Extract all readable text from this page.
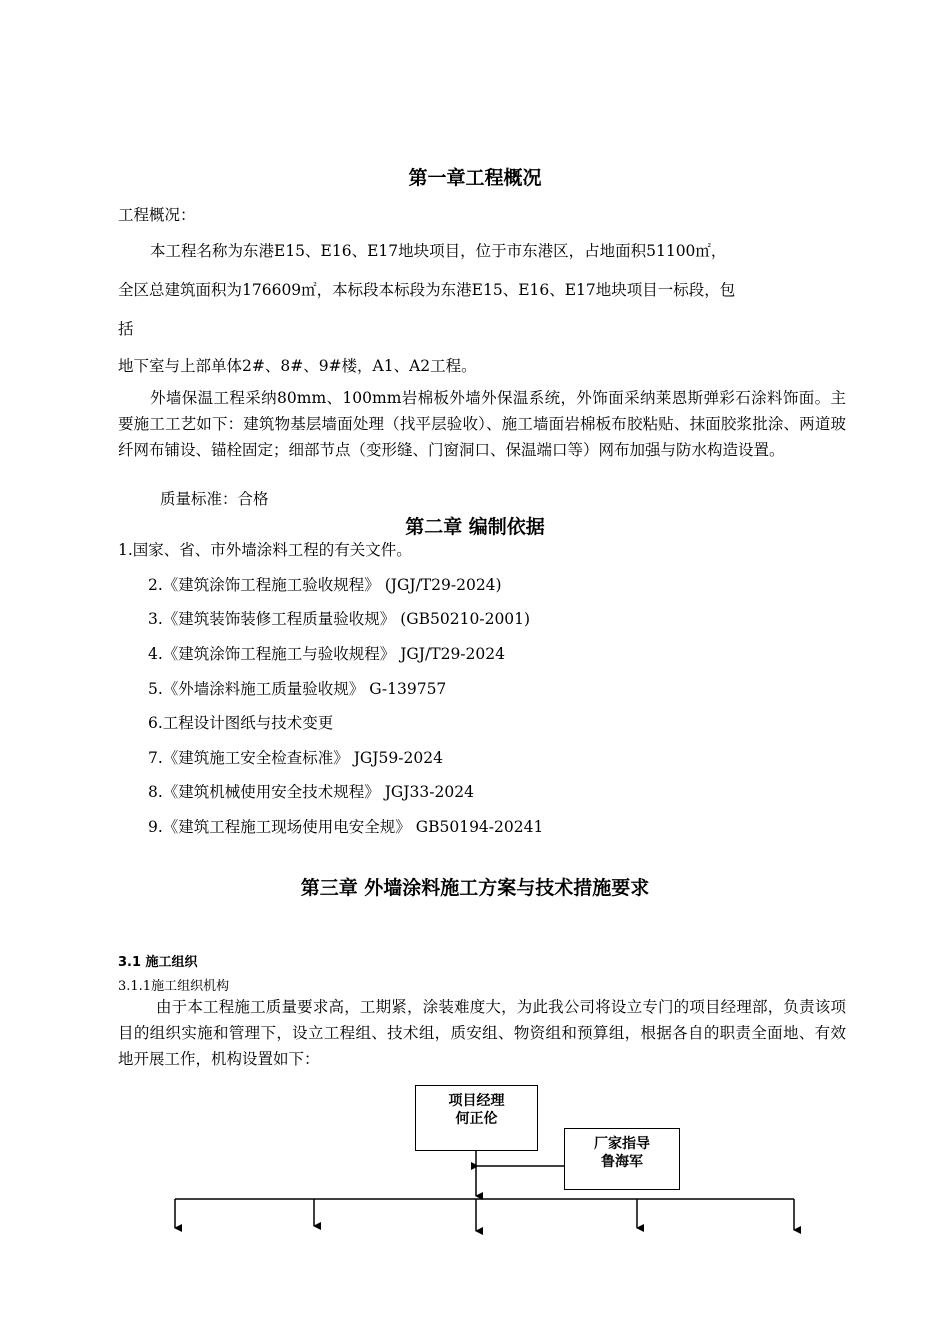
第一章工程概况
工程概况：
本工程名称为东港E15、E16、E17地块项目，位于市东港区，占地面积51100㎡，
全区总建筑面积为176609㎡，本标段本标段为东港E15、E16、E17地块项目一标段，包
括
地下室与上部单体2#、8#、9#楼，A1、A2工程。
外墙保温工程采纳80mm、100mm岩棉板外墙外保温系统，外饰面采纳莱恩斯弹彩石涂料饰面。主要施工工艺如下：建筑物基层墙面处理（找平层验收）、施工墙面岩棉板布胶粘贴、抹面胶浆批涂、两道玻纤网布铺设、锚栓固定；细部节点（变形缝、门窗洞口、保温端口等）网布加强与防水构造设置。
质量标准：合格
第二章 编制依据
1.国家、省、市外墙涂料工程的有关文件。
2.《建筑涂饰工程施工验收规程》 (JGJ/T29-2024)
3.《建筑装饰装修工程质量验收规》 (GB50210-2001)
4.《建筑涂饰工程施工与验收规程》 JGJ/T29-2024
5.《外墙涂料施工质量验收规》 G-139757
6.工程设计图纸与技术变更
7.《建筑施工安全检查标准》 JGJ59-2024
8.《建筑机械使用安全技术规程》 JGJ33-2024
9.《建筑工程施工现场使用电安全规》 GB50194-20241
第三章 外墙涂料施工方案与技术措施要求
3.1 施工组织
3.1.1施工组织机构
由于本工程施工质量要求高，工期紧，涂装难度大，为此我公司将设立专门的项目经理部，负责该项目的组织实施和管理下，设立工程组、技术组，质安组、物资组和预算组，根据各自的职责全面地、有效地开展工作，机构设置如下：
项目经理
何正伦
厂家指导
鲁海军
